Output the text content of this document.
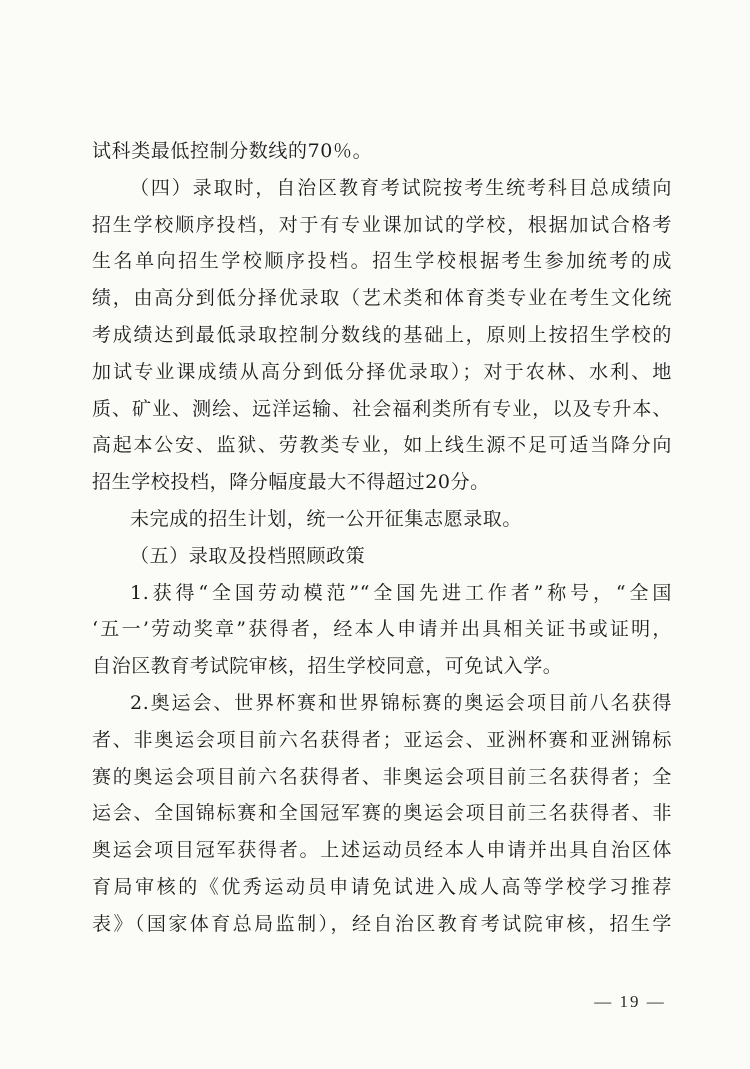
试科类最低控制分数线的70％。
（四）录取时，自治区教育考试院按考生统考科目总成绩向
招生学校顺序投档，对于有专业课加试的学校，根据加试合格考
生名单向招生学校顺序投档。招生学校根据考生参加统考的成
绩，由高分到低分择优录取（艺术类和体育类专业在考生文化统
考成绩达到最低录取控制分数线的基础上，原则上按招生学校的
加试专业课成绩从高分到低分择优录取）；对于农林、水利、地
质、矿业、测绘、远洋运输、社会福利类所有专业，以及专升本、
高起本公安、监狱、劳教类专业，如上线生源不足可适当降分向
招生学校投档，降分幅度最大不得超过20分。
未完成的招生计划，统一公开征集志愿录取。
（五）录取及投档照顾政策
1.获得“全国劳动模范”“全国先进工作者”称号，“全国
‘五一’劳动奖章”获得者，经本人申请并出具相关证书或证明，
自治区教育考试院审核，招生学校同意，可免试入学。
2.奥运会、世界杯赛和世界锦标赛的奥运会项目前八名获得
者、非奥运会项目前六名获得者；亚运会、亚洲杯赛和亚洲锦标
赛的奥运会项目前六名获得者、非奥运会项目前三名获得者；全
运会、全国锦标赛和全国冠军赛的奥运会项目前三名获得者、非
奥运会项目冠军获得者。上述运动员经本人申请并出具自治区体
育局审核的《优秀运动员申请免试进入成人高等学校学习推荐
表》（国家体育总局监制），经自治区教育考试院审核，招生学
— 19 —
